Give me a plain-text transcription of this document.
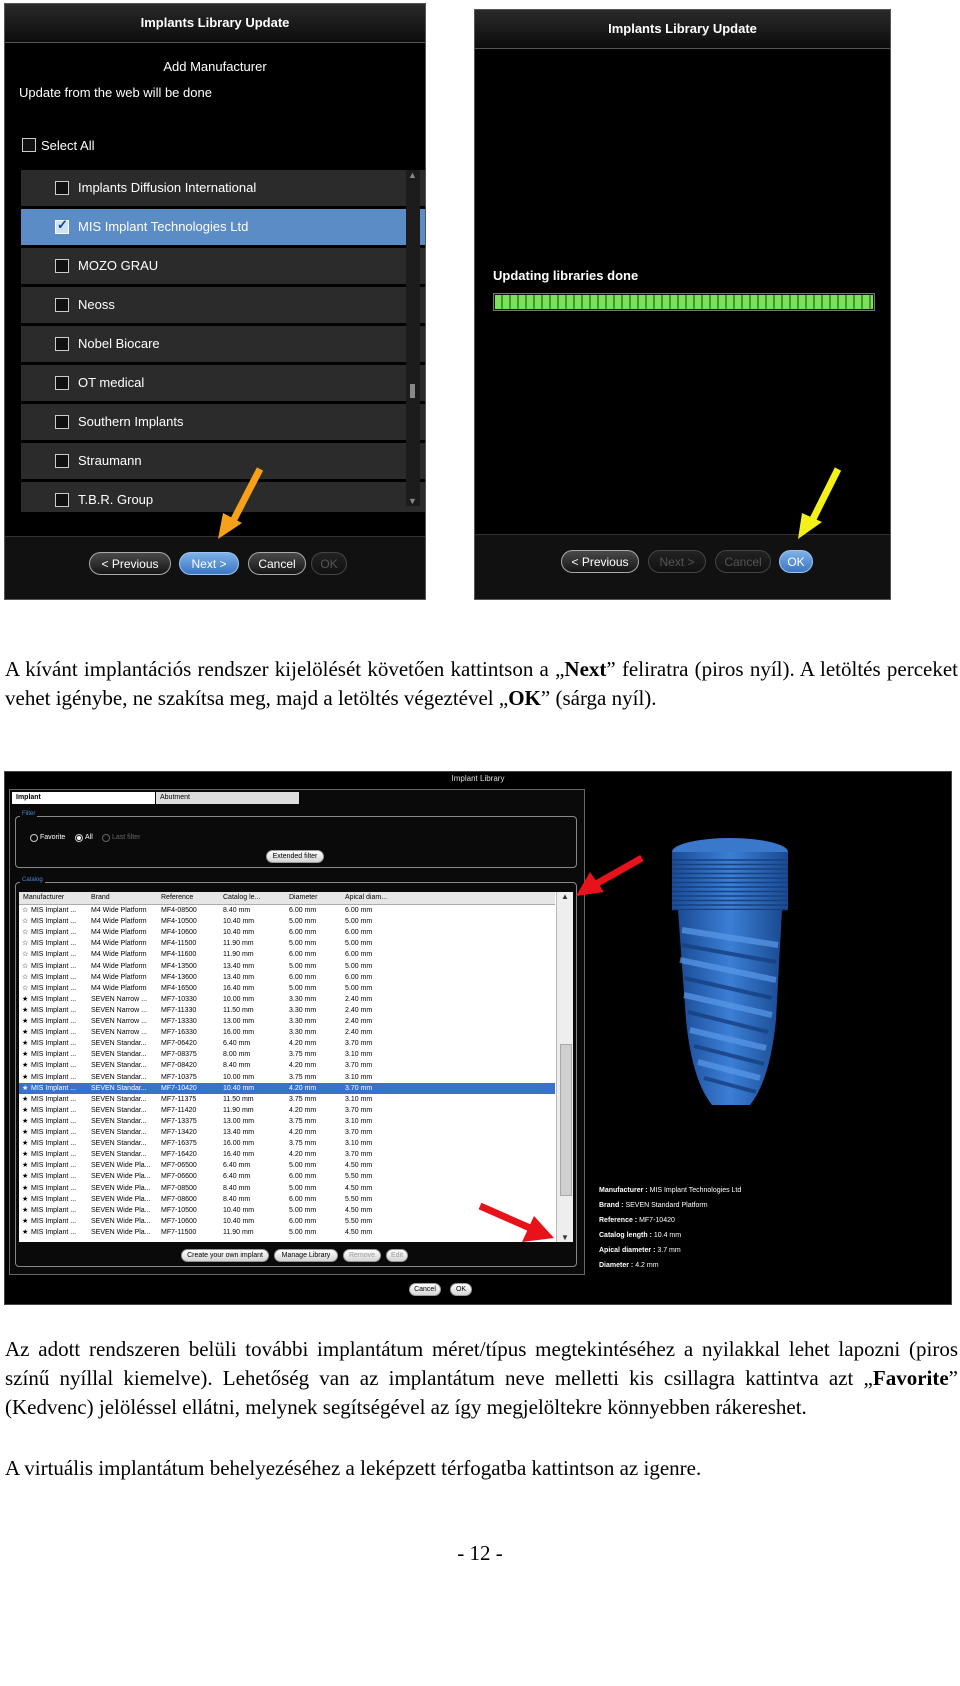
Implants Library Update
Add Manufacturer
Update from the web will be done
Select All
Implants Diffusion International
✓
MIS Implant Technologies Ltd
MOZO GRAU
Neoss
Nobel Biocare
OT medical
Southern Implants
Straumann
T.B.R. Group
▲
▼
< Previous	Next >	Cancel	OK
Implants Library Update
Updating libraries done
< Previous	Next >	Cancel	OK
A kívánt implantációs rendszer kijelölését követően kattintson a „Next” feliratra (piros nyíl). A letöltés perceket vehet igénybe, ne szakítsa meg, majd a letöltés végeztével „OK” (sárga nyíl).
Implant Library
Implant	Abutment
Filter
Favorite	All	Last filter
Extended filter
Catalog
Manufacturer	Brand	Reference	Catalog le...	Diameter	Apical diam...
☆ MIS Implant ...	M4 Wide Platform	MF4-08500	8.40 mm	6.00 mm	6.00 mm
☆ MIS Implant ...	M4 Wide Platform	MF4-10500	10.40 mm	5.00 mm	5.00 mm
☆ MIS Implant ...	M4 Wide Platform	MF4-10600	10.40 mm	6.00 mm	6.00 mm
☆ MIS Implant ...	M4 Wide Platform	MF4-11500	11.90 mm	5.00 mm	5.00 mm
☆ MIS Implant ...	M4 Wide Platform	MF4-11600	11.90 mm	6.00 mm	6.00 mm
☆ MIS Implant ...	M4 Wide Platform	MF4-13500	13.40 mm	5.00 mm	5.00 mm
☆ MIS Implant ...	M4 Wide Platform	MF4-13600	13.40 mm	6.00 mm	6.00 mm
☆ MIS Implant ...	M4 Wide Platform	MF4-16500	16.40 mm	5.00 mm	5.00 mm
★ MIS Implant ...	SEVEN Narrow ...	MF7-10330	10.00 mm	3.30 mm	2.40 mm
★ MIS Implant ...	SEVEN Narrow ...	MF7-11330	11.50 mm	3.30 mm	2.40 mm
★ MIS Implant ...	SEVEN Narrow ...	MF7-13330	13.00 mm	3.30 mm	2.40 mm
★ MIS Implant ...	SEVEN Narrow ...	MF7-16330	16.00 mm	3.30 mm	2.40 mm
★ MIS Implant ...	SEVEN Standar...	MF7-06420	6.40 mm	4.20 mm	3.70 mm
★ MIS Implant ...	SEVEN Standar...	MF7-08375	8.00 mm	3.75 mm	3.10 mm
★ MIS Implant ...	SEVEN Standar...	MF7-08420	8.40 mm	4.20 mm	3.70 mm
★ MIS Implant ...	SEVEN Standar...	MF7-10375	10.00 mm	3.75 mm	3.10 mm
★ MIS Implant ...	SEVEN Standar...	MF7-10420	10.40 mm	4.20 mm	3.70 mm
★ MIS Implant ...	SEVEN Standar...	MF7-11375	11.50 mm	3.75 mm	3.10 mm
★ MIS Implant ...	SEVEN Standar...	MF7-11420	11.90 mm	4.20 mm	3.70 mm
★ MIS Implant ...	SEVEN Standar...	MF7-13375	13.00 mm	3.75 mm	3.10 mm
★ MIS Implant ...	SEVEN Standar...	MF7-13420	13.40 mm	4.20 mm	3.70 mm
★ MIS Implant ...	SEVEN Standar...	MF7-16375	16.00 mm	3.75 mm	3.10 mm
★ MIS Implant ...	SEVEN Standar...	MF7-16420	16.40 mm	4.20 mm	3.70 mm
★ MIS Implant ...	SEVEN Wide Pla...	MF7-06500	6.40 mm	5.00 mm	4.50 mm
★ MIS Implant ...	SEVEN Wide Pla...	MF7-06600	6.40 mm	6.00 mm	5.50 mm
★ MIS Implant ...	SEVEN Wide Pla...	MF7-08500	8.40 mm	5.00 mm	4.50 mm
★ MIS Implant ...	SEVEN Wide Pla...	MF7-08600	8.40 mm	6.00 mm	5.50 mm
★ MIS Implant ...	SEVEN Wide Pla...	MF7-10500	10.40 mm	5.00 mm	4.50 mm
★ MIS Implant ...	SEVEN Wide Pla...	MF7-10600	10.40 mm	6.00 mm	5.50 mm
★ MIS Implant ...	SEVEN Wide Pla...	MF7-11500	11.90 mm	5.00 mm	4.50 mm
▲
▼
Create your own implant	Manage Library	Remove	Edit
Manufacturer : MIS Implant Technologies Ltd
Brand : SEVEN Standard Platform
Reference : MF7-10420
Catalog length : 10.4 mm
Apical diameter : 3.7 mm
Diameter : 4.2 mm
Cancel	OK
Az adott rendszeren belüli további implantátum méret/típus megtekintéséhez a nyilakkal lehet lapozni (piros színű nyíllal kiemelve). Lehetőség van az implantátum neve melletti kis csillagra kattintva azt „Favorite” (Kedvenc) jelöléssel ellátni, melynek segítségével az így megjelöltekre könnyebben rákereshet.
A virtuális implantátum behelyezéséhez a leképzett térfogatba kattintson az igenre.
- 12 -
